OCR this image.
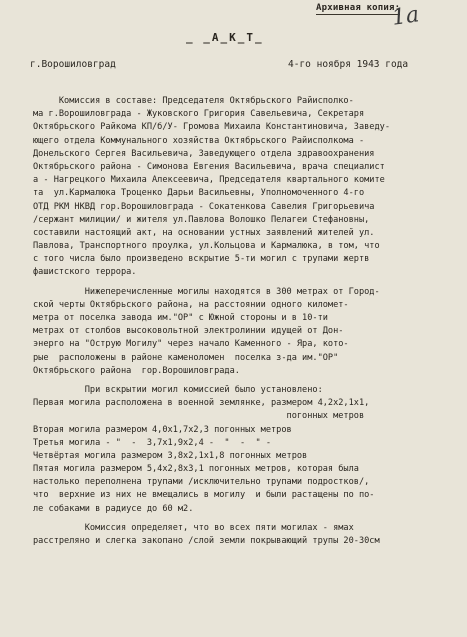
Архивная копия:
1а
_ _А_К_Т_
г.Ворошиловград	4-го ноября 1943 года
Комиссия в составе: Председателя Октябрьского Райисполко-
ма г.Ворошиловграда - Жуковского Григория Савельевича, Секретаря
Октябрьского Райкома КП/б/У- Громова Михаила Константиновича, Заведу-
ющего отдела Коммунального хозяйства Октябрьского Райисполкома -
Донельского Сергея Васильевича, Заведующего отдела здравоохранения
Октябрьского района - Симонова Евгения Васильевича, врача специалист
а - Нагрецкого Михаила Алексеевича, Председателя квартального комите
та  ул.Кармалюка Троценко Дарьи Васильевны, Уполномоченного 4-го
ОТД РКМ НКВД гор.Ворошиловграда - Сокатенкова Савелия Григорьевича
/сержант милиции/ и жителя ул.Павлова Волошко Пелагеи Стефановны,
составили настоящий акт, на основании устных заявлений жителей ул.
Павлова, Транспортного проулка, ул.Кольцова и Кармалюка, в том, что
с того числа было произведено вскрытие 5-ти могил с трупами жертв
фашистского террора.
Нижеперечисленные могилы находятся в 300 метрах от Город-
ской черты Октябрьского района, на расстоянии одного километ-
метра от поселка завода им."ОР" с Южной стороны и в 10-ти
метрах от столбов высоковольтной электролинии идущей от Дон-
энерго на "Острую Могилу" через начало Каменного - Яра, кото-
рые  расположены в районе каменоломен  поселка з-да им."ОР"
Октябрьского района  гор.Ворошиловграда.
При вскрытии могил комиссией было установлено:
Первая могила расположена в военной землянке, размером 4,2х2,1х1,
погонных метров
Вторая могила размером 4,0х1,7х2,3 погонных метров
Третья могила - "  -  3,7х1,9х2,4 -  "  -  " -
Четвёртая могила размером 3,8х2,1х1,8 погонных метров
Пятая могила размером 5,4х2,8х3,1 погонных метров, которая была
настолько переполнена трупами /исключительно трупами подростков/,
что  верхние из них не вмещались в могилу  и были растащены по по-
ле собаками в радиусе до 60 м2.
Комиссия определяет, что во всех пяти могилах - ямах
расстреляно и слегка закопано /слой земли покрывающий трупы 20-30см
